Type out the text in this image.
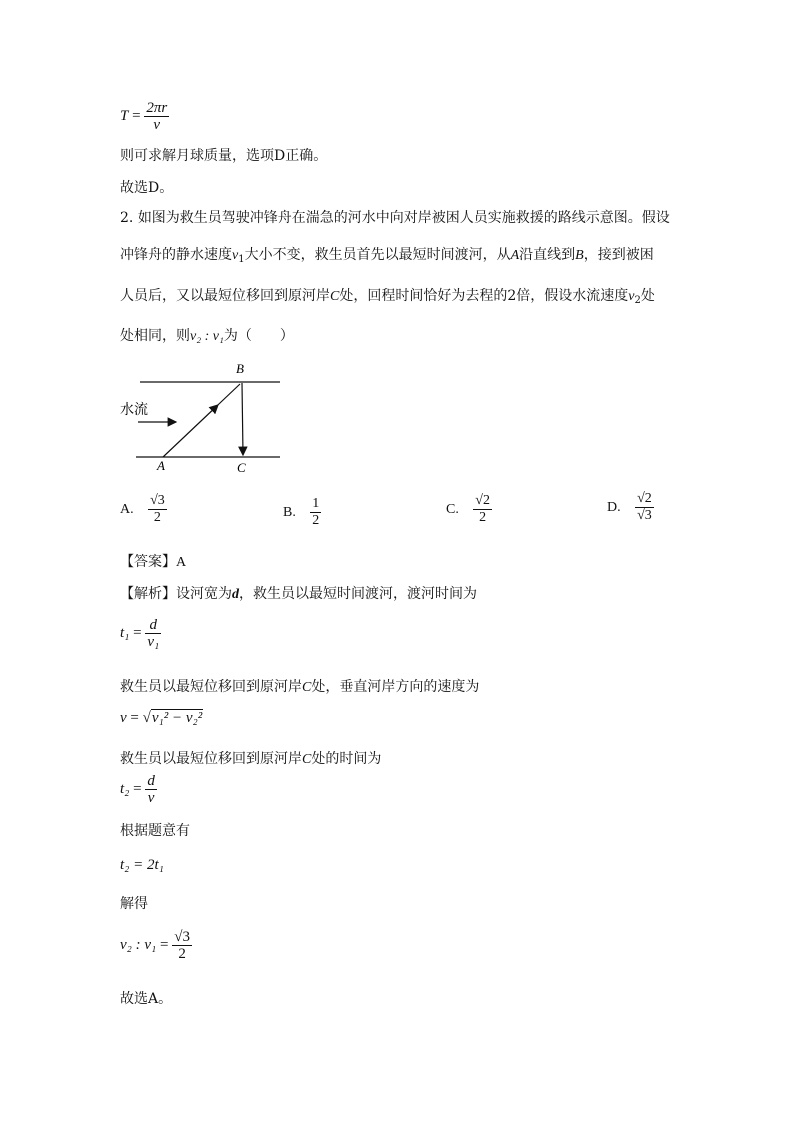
$T = \frac{2\pi r}{v}$
则可求解月球质量，选项D正确。
故选D。
2. 如图为救生员驾驶冲锋舟在湍急的河水中向对岸被困人员实施救援的路线示意图。假设
冲锋舟的静水速度$v_1$大小不变，救生员首先以最短时间渡河，从A沿直线到B，接到被困
人员后，又以最短位移回到原河岸C处，回程时间恰好为去程的2倍，假设水流速度$v_2$处
处相同，则v₂ : v₁为（　　）
B
A	C
水流
A. $\frac{√3}{2}$	B. $\frac{1}{2}$	C. $\frac{√2}{2}$	D. $\frac{√2}{√3}$
【答案】A
【解析】设河宽为d，救生员以最短时间渡河，渡河时间为
$t_1 = \frac{d}{\text{v₁}}$
救生员以最短位移回到原河岸C处，垂直河岸方向的速度为
v = √v₁² − v₂²
救生员以最短位移回到原河岸C处的时间为
$t_2 = \frac{d}{v}$
根据题意有
t₂ = 2t₁
解得
v₂ : $v_1 = \frac{√3}{2}$
故选A。
